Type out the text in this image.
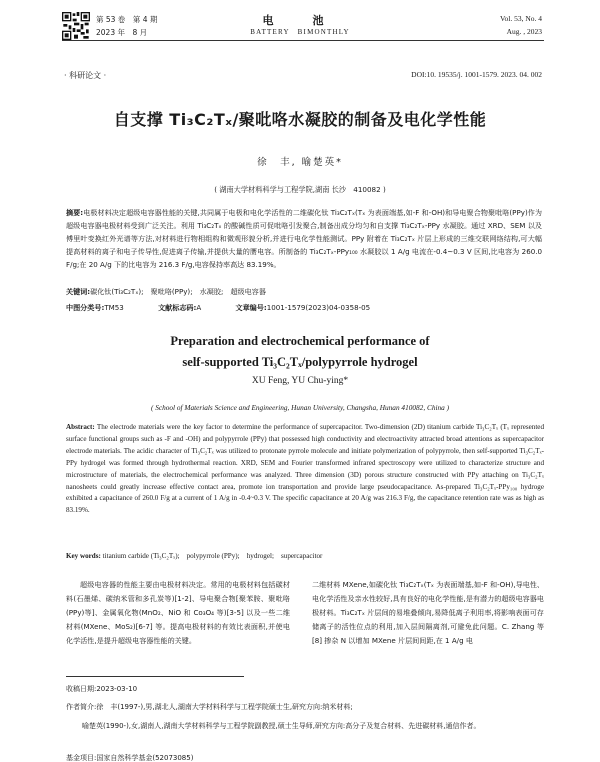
第 53 卷　第 4 期
2023 年　8 月
电　池
BATTERY　BIMONTHLY
Vol. 53, No. 4
Aug. , 2023
· 科研论文 ·	DOI:10. 19535/j. 1001-1579. 2023. 04. 002
自支撑 Ti₃C₂Tₓ/聚吡咯水凝胶的制备及电化学性能
徐　丰, 喻楚英*
( 湖南大学材料科学与工程学院,湖南 长沙　410082 )
摘要:电极材料决定超级电容器性能的关键,共同属于电极和电化学活性的二维碳化钛 Ti₃C₂Tₓ(Tₓ 为表面端基,如-F 和-OH)和导电聚合物聚吡咯(PPy)作为超级电容器电极材料受到广泛关注。利用 Ti₃C₂Tₓ 的酸碱性质可促吡咯引发聚合,制备出成分均匀和自支撑 Ti₃C₂Tₓ-PPy 水凝胶。通过 XRD、SEM 以及傅里叶变换红外光谱等方法,对材料进行物相组构和微观形貌分析,并进行电化学性能测试。PPy 附着在 Ti₃C₂Tₓ 片层上形成的三维交联网络结构,可大幅提高材料的离子和电子传导性,促进离子传输,并提供大量的赝电容。所制备的 Ti₃C₂Tₓ-PPy₁₀₀ 水凝胶以 1 A/g 电流在-0.4~0.3 V 区间,比电容为 260.0 F/g;在 20 A/g 下的比电容为 216.3 F/g,电容保持率高达 83.19%。
关键词:碳化钛(Ti₃C₂Tₓ);　聚吡咯(PPy);　水凝胶;　超级电容器
中图分类号:TM53	文献标志码:A	文章编号:1001-1579(2023)04-0358-05
Preparation and electrochemical performance of
self-supported Ti₃C₂Tₓ/polypyrrole hydrogel
XU Feng, YU Chu-ying*
( School of Materials Science and Engineering, Hunan University, Changsha, Hunan 410082, China )
Abstract: The electrode materials were the key factor to determine the performance of supercapacitor. Two-dimension (2D) titanium carbide Ti₃C₂Tₓ (Tₓ represented surface functional groups such as -F and -OH) and polypyrrole (PPy) that possessed high conductivity and electroactivity attracted broad attentions as supercapacitor electrode materials. The acidic character of Ti₃C₂Tₓ was utilized to protonate pyrrole molecule and initiate polymerization of polypyrrole, then self-supported Ti₃C₂Tₓ-PPy hydrogel was formed through hydrothermal reaction. XRD, SEM and Fourier transformed infrared spectroscopy were utilized to characterize structure and microstructure of materials, the electrochemical performance was analyzed. Three dimension (3D) porous structure constructed with PPy attaching on Ti₃C₂Tₓ nanosheets could greatly increase effective contact area, promote ion transportation and provide large pseudocapacitance. As-prepared Ti₃C₂Tₓ-PPy₁₀₀ hydroge exhibited a capacitance of 260.0 F/g at a current of 1 A/g in -0.4~0.3 V. The specific capacitance at 20 A/g was 216.3 F/g, the capacitance retention rate was as high as 83.19%.
Key words: titanium carbide (Ti₃C₂Tₓ);　polypyrrole (PPy);　hydrogel;　supercapacitor
超级电容器的性能主要由电极材料决定。常用的电极材料包括碳材料(石墨烯、碳纳米管和多孔炭等)[1-2]、导电聚合物[聚苯胺、聚吡咯(PPy)等]、金属氧化物(MnO₂、NiO 和 Co₃O₄ 等)[3-5] 以及一些二维材料(MXene、MoS₂)[6-7] 等。提高电极材料的有效比表面积,并使电化学活性,是提升超级电容器性能的关键。
二维材料 MXene,如碳化钛 Ti₃C₂Tₓ(Tₓ 为表面端基,如-F 和-OH),导电性、电化学活性及亲水性较好,具有良好的电化学性能,是有潜力的超级电容器电极材料。Ti₃C₂Tₓ 片层间的易堆叠倾向,易降低离子利用率,将影响表面可存储离子的活性位点的利用,加入层间隔离剂,可避免此问题。C. Zhang 等[8] 掺杂 N 以增加 MXene 片层间间距,在 1 A/g 电
收稿日期:2023-03-10
作者简介:徐　丰(1997-),男,湖北人,湖南大学材料科学与工程学院硕士生,研究方向:纳米材料;
喻楚英(1990-),女,湖南人,湖南大学材料科学与工程学院副教授,硕士生导师,研究方向:高分子及复合材料、先进碳材料,通信作者。
基金项目:国家自然科学基金(52073085)
